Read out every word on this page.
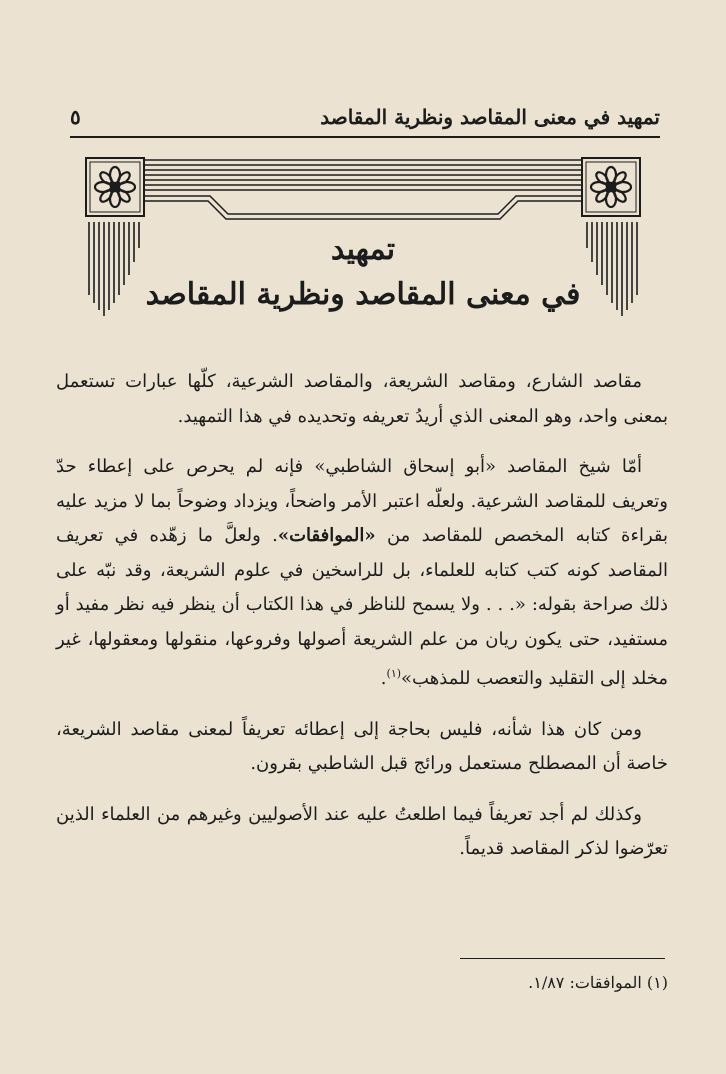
تمهيد في معنى المقاصد ونظرية المقاصد
٥
تمهيد
في معنى المقاصد ونظرية المقاصد

مقاصد الشارع، ومقاصد الشريعة، والمقاصد الشرعية، كلّها عبارات تستعمل بمعنى واحد، وهو المعنى الذي أريدُ تعريفه وتحديده في هذا التمهيد.

أمّا شيخ المقاصد «أبو إسحاق الشاطبي» فإنه لم يحرص على إعطاء حدّ وتعريف للمقاصد الشرعية. ولعلّه اعتبر الأمر واضحاً، ويزداد وضوحاً بما لا مزيد عليه بقراءة كتابه المخصص للمقاصد من «الموافقات». ولعلَّ ما زهّده في تعريف المقاصد كونه كتب كتابه للعلماء، بل للراسخين في علوم الشريعة، وقد نبّه على ذلك صراحة بقوله: «. . . ولا يسمح للناظر في هذا الكتاب أن ينظر فيه نظر مفيد أو مستفيد، حتى يكون ريان من علم الشريعة أصولها وفروعها، منقولها ومعقولها، غير مخلد إلى التقليد والتعصب للمذهب»$^{(١)}$.

ومن كان هذا شأنه، فليس بحاجة إلى إعطائه تعريفاً لمعنى مقاصد الشريعة، خاصة أن المصطلح مستعمل ورائج قبل الشاطبي بقرون.

وكذلك لم أجد تعريفاً فيما اطلعتُ عليه عند الأصوليين وغيرهم من العلماء الذين تعرّضوا لذكر المقاصد قديماً.

(١) الموافقات: ١/٨٧.
